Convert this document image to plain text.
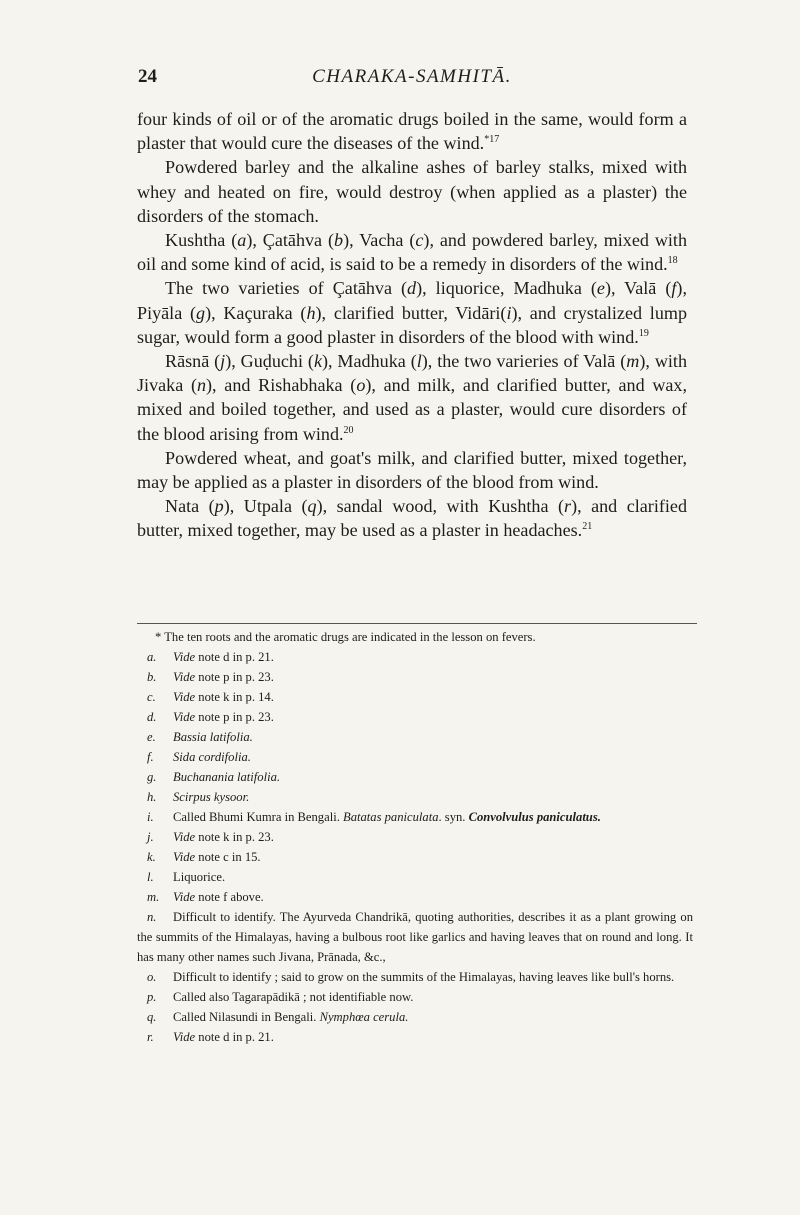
24	CHARAKA-SAMHITĀ.

four kinds of oil or of the aromatic drugs boiled in the same, would form a plaster that would cure the diseases of the wind.$^{*17}$

Powdered barley and the alkaline ashes of barley stalks, mixed with whey and heated on fire, would destroy (when applied as a plaster) the disorders of the stomach.

Kushtha (a), Çatāhva (b), Vacha (c), and powdered barley, mixed with oil and some kind of acid, is said to be a remedy in disorders of the wind.$^{18}$

The two varieties of Çatāhva (d), liquorice, Madhuka (e), Valā (f), Piyāla (g), Kaçuraka (h), clarified butter, Vidāri(i), and crystalized lump sugar, would form a good plaster in disorders of the blood with wind.$^{19}$

Rāsnā (j), Guḍuchi (k), Madhuka (l), the two varieries of Valā (m), with Jivaka (n), and Rishabhaka (o), and milk, and clarified butter, and wax, mixed and boiled together, and used as a plaster, would cure disorders of the blood arising from wind.$^{20}$

Powdered wheat, and goat's milk, and clarified butter, mixed together, may be applied as a plaster in disorders of the blood from wind.

Nata (p), Utpala (q), sandal wood, with Kushtha (r), and clarified butter, mixed together, may be used as a plaster in headaches.$^{21}$

* The ten roots and the aromatic drugs are indicated in the lesson on fevers.

a. Vide note d in p. 21.

b. Vide note p in p. 23.

c. Vide note k in p. 14.

d. Vide note p in p. 23.

e. Bassia latifolia.

f. Sida cordifolia.

g. Buchanania latifolia.

h. Scirpus kysoor.

i. Called Bhumi Kumra in Bengali. Batatas paniculata. syn. Convolvulus paniculatus.

j. Vide note k in p. 23.

k. Vide note c in 15.

l. Liquorice.

m. Vide note f above.

n. Difficult to identify. The Ayurveda Chandrikā, quoting authorities, describes it as a plant growing on the summits of the Himalayas, having a bulbous root like garlics and having leaves that on round and long. It has many other names such Jivana, Prānada, &c.,

o. Difficult to identify ; said to grow on the summits of the Himalayas, having leaves like bull's horns.

p. Called also Tagarapādikā ; not identifiable now.

q. Called Nilasundi in Bengali. Nymphœa cerula.

r. Vide note d in p. 21.
